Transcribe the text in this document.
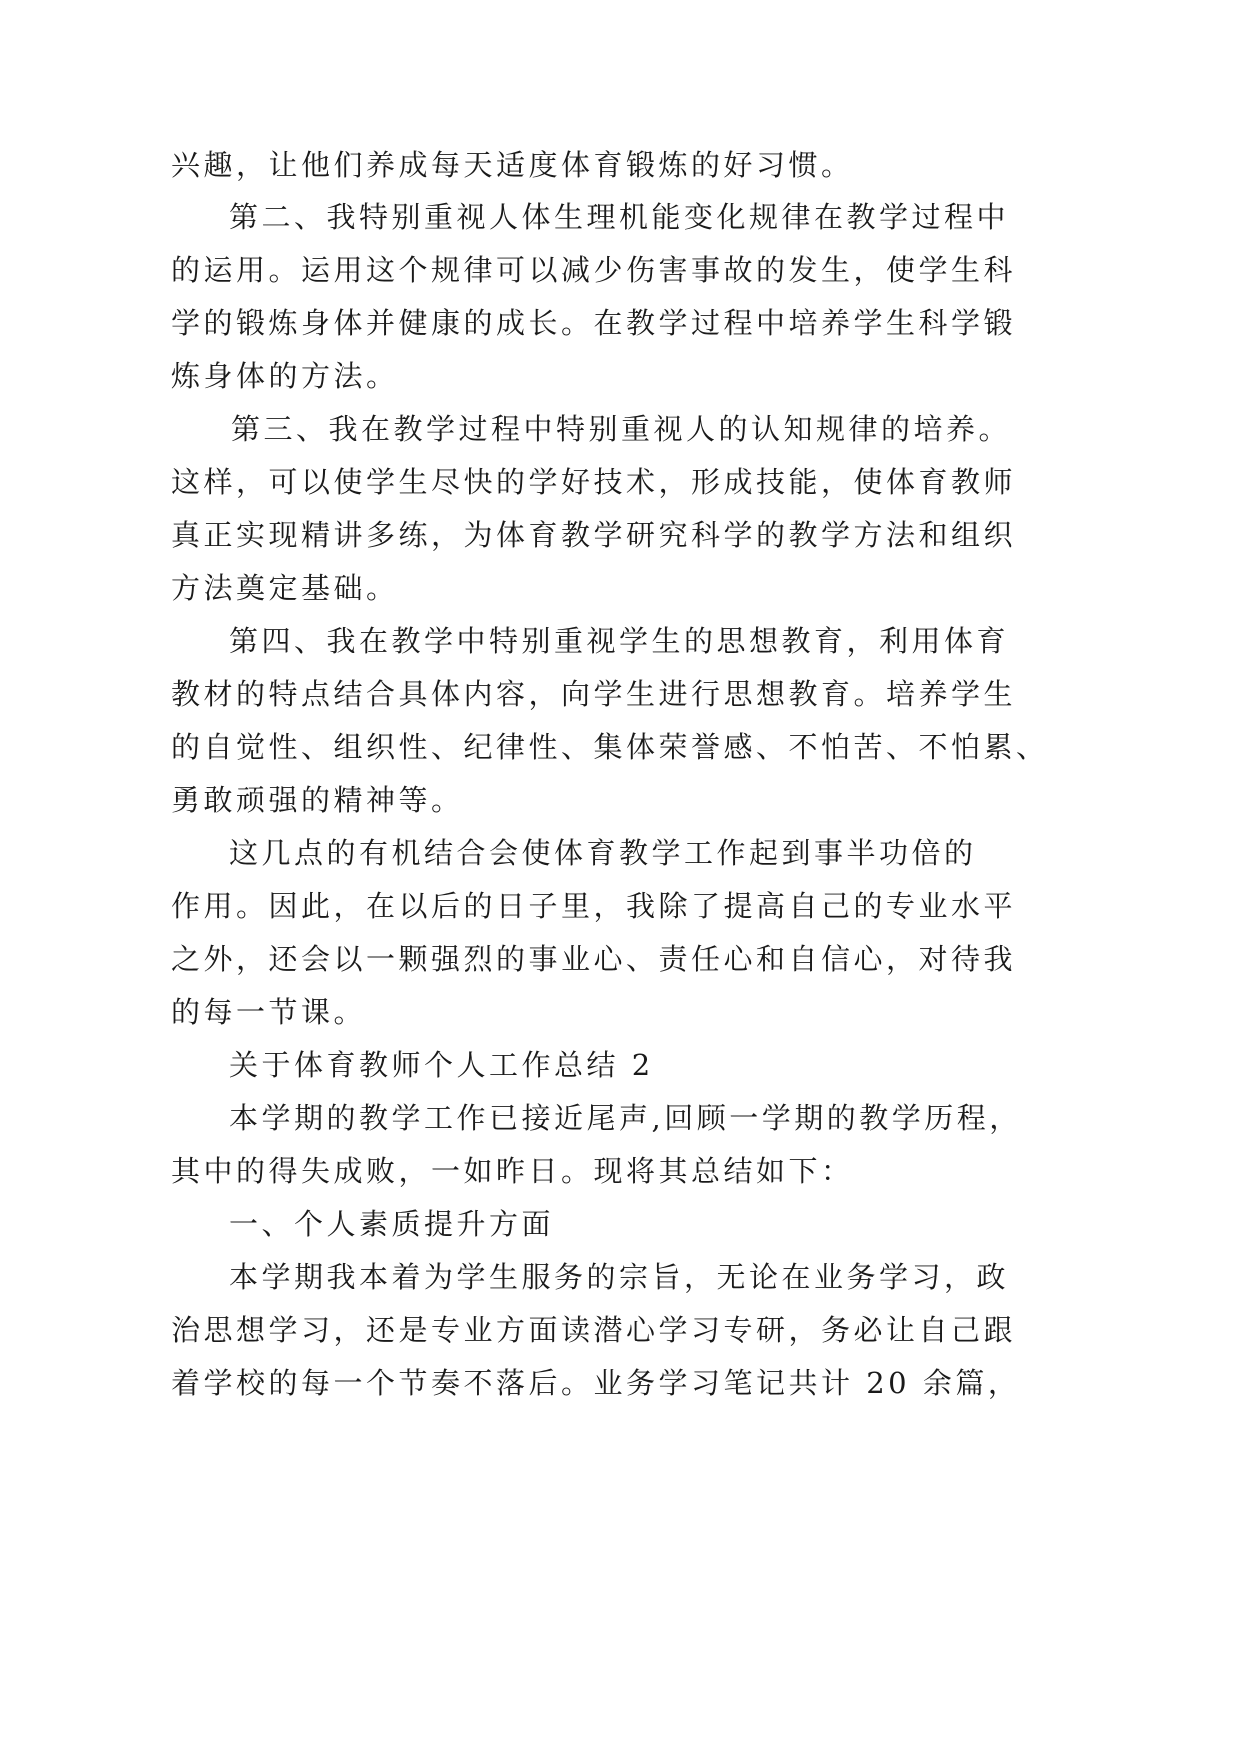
兴趣，让他们养成每天适度体育锻炼的好习惯。

第二、我特别重视人体生理机能变化规律在教学过程中

的运用。运用这个规律可以减少伤害事故的发生，使学生科

学的锻炼身体并健康的成长。在教学过程中培养学生科学锻

炼身体的方法。

第三、我在教学过程中特别重视人的认知规律的培养。

这样，可以使学生尽快的学好技术，形成技能，使体育教师

真正实现精讲多练，为体育教学研究科学的教学方法和组织

方法奠定基础。

第四、我在教学中特别重视学生的思想教育，利用体育

教材的特点结合具体内容，向学生进行思想教育。培养学生

的自觉性、组织性、纪律性、集体荣誉感、不怕苦、不怕累、

勇敢顽强的精神等。

这几点的有机结合会使体育教学工作起到事半功倍的

作用。因此，在以后的日子里，我除了提高自己的专业水平

之外，还会以一颗强烈的事业心、责任心和自信心，对待我

的每一节课。

关于体育教师个人工作总结 2

本学期的教学工作已接近尾声,回顾一学期的教学历程，

其中的得失成败，一如昨日。现将其总结如下：

一、个人素质提升方面

本学期我本着为学生服务的宗旨，无论在业务学习，政

治思想学习，还是专业方面读潜心学习专研，务必让自己跟

着学校的每一个节奏不落后。业务学习笔记共计 20 余篇，
